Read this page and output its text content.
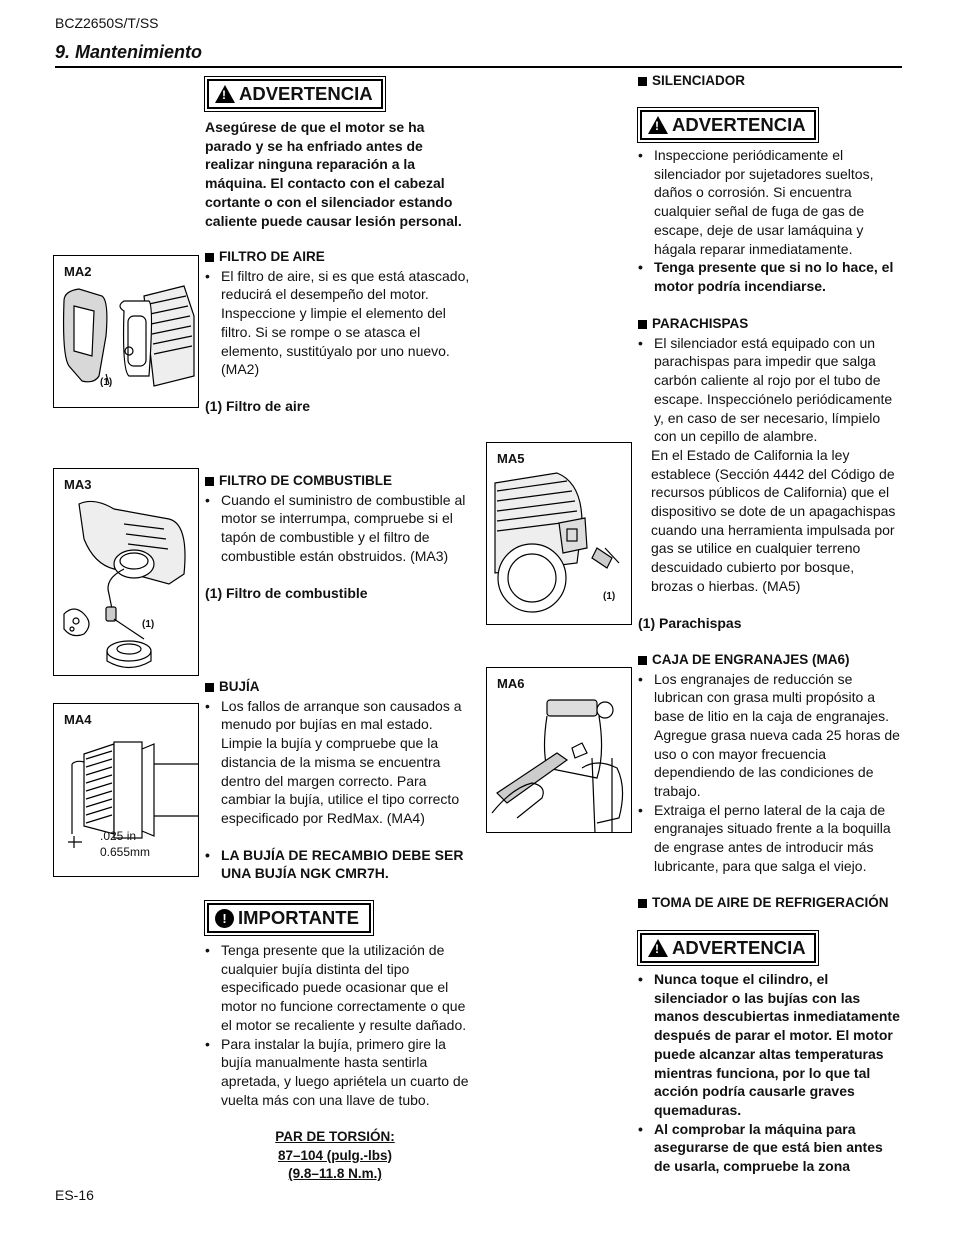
BCZ2650S/T/SS
9. Mantenimiento
!
ADVERTENCIA
Asegúrese de que el motor se ha parado y se ha enfriado antes de realizar ninguna reparación a la máquina. El contacto con el cabezal cortante o con el silenciador estando caliente puede causar lesión personal.
FILTRO DE AIRE
• El filtro de aire, si es que está atascado, reducirá el desempeño del motor. Inspeccione y limpie el elemento del filtro. Si se rompe o se atasca el elemento, sustitúyalo por uno nuevo. (MA2)

(1) Filtro de aire

FILTRO DE COMBUSTIBLE
• Cuando el suministro de combustible al motor se interrumpa, compruebe si el tapón de combustible y el filtro de combustible están obstruidos. (MA3)

(1) Filtro de combustible

BUJÍA
• Los fallos de arranque son causados a menudo por bujías en mal estado. Limpie la bujía y compruebe que la distancia de la misma se encuentra dentro del margen correcto. Para cambiar la bujía, utilice el tipo correcto especificado por RedMax. (MA4)
• LA BUJÍA DE RECAMBIO DEBE SER UNA BUJÍA NGK CMR7H.
! IMPORTANTE
• Tenga presente que la utilización de cualquier bujía distinta del tipo especificado puede ocasionar que el motor no funcione correctamente o que el motor se recaliente y resulte dañado.
• Para instalar la bujía, primero gire la bujía manualmente hasta sentirla apretada, y luego apriétela un cuarto de vuelta más con una llave de tubo.
PAR DE TORSIÓN:
87–104 (pulg.-lbs)
(9.8–11.8 N.m.)
MA2
(1)
MA3
(1)
MA4
.025 in
0.655mm
MA5
(1)
MA6
SILENCIADOR
!
ADVERTENCIA
• Inspeccione periódicamente el silenciador por sujetadores sueltos, daños o corrosión. Si encuentra cualquier señal de fuga de gas de escape, deje de usar lamáquina y hágala reparar inmediatamente.
• Tenga presente que si no lo hace, el motor podría incendiarse.
PARACHISPAS
• El silenciador está equipado con un parachispas para impedir que salga carbón caliente al rojo por el tubo de escape. Inspecciónelo periódicamente y, en caso de ser necesario, límpielo con un cepillo de alambre.

En el Estado de California la ley establece (Sección 4442 del Código de recursos públicos de California) que el dispositivo se dote de un apagachispas cuando una herramienta impulsada por gas se utilice en cualquier terreno descuidado cubierto por bosque, brozas o hierbas. (MA5)

(1) Parachispas

CAJA DE ENGRANAJES (MA6)
• Los engranajes de reducción se lubrican con grasa multi propósito a base de litio en la caja de engranajes. Agregue grasa nueva cada 25 horas de uso o con mayor frecuencia dependiendo de las condiciones de trabajo.
• Extraiga el perno lateral de la caja de engranajes situado frente a la boquilla de engrase antes de introducir más lubricante, para que salga el viejo.
TOMA DE AIRE DE REFRIGERACIÓN
!
ADVERTENCIA
• Nunca toque el cilindro, el silenciador o las bujías con las manos descubiertas inmediatamente después de parar el motor. El motor puede alcanzar altas temperaturas mientras funciona, por lo que tal acción podría causarle graves quemaduras.
• Al comprobar la máquina para asegurarse de que está bien antes de usarla, compruebe la zona
ES-16
